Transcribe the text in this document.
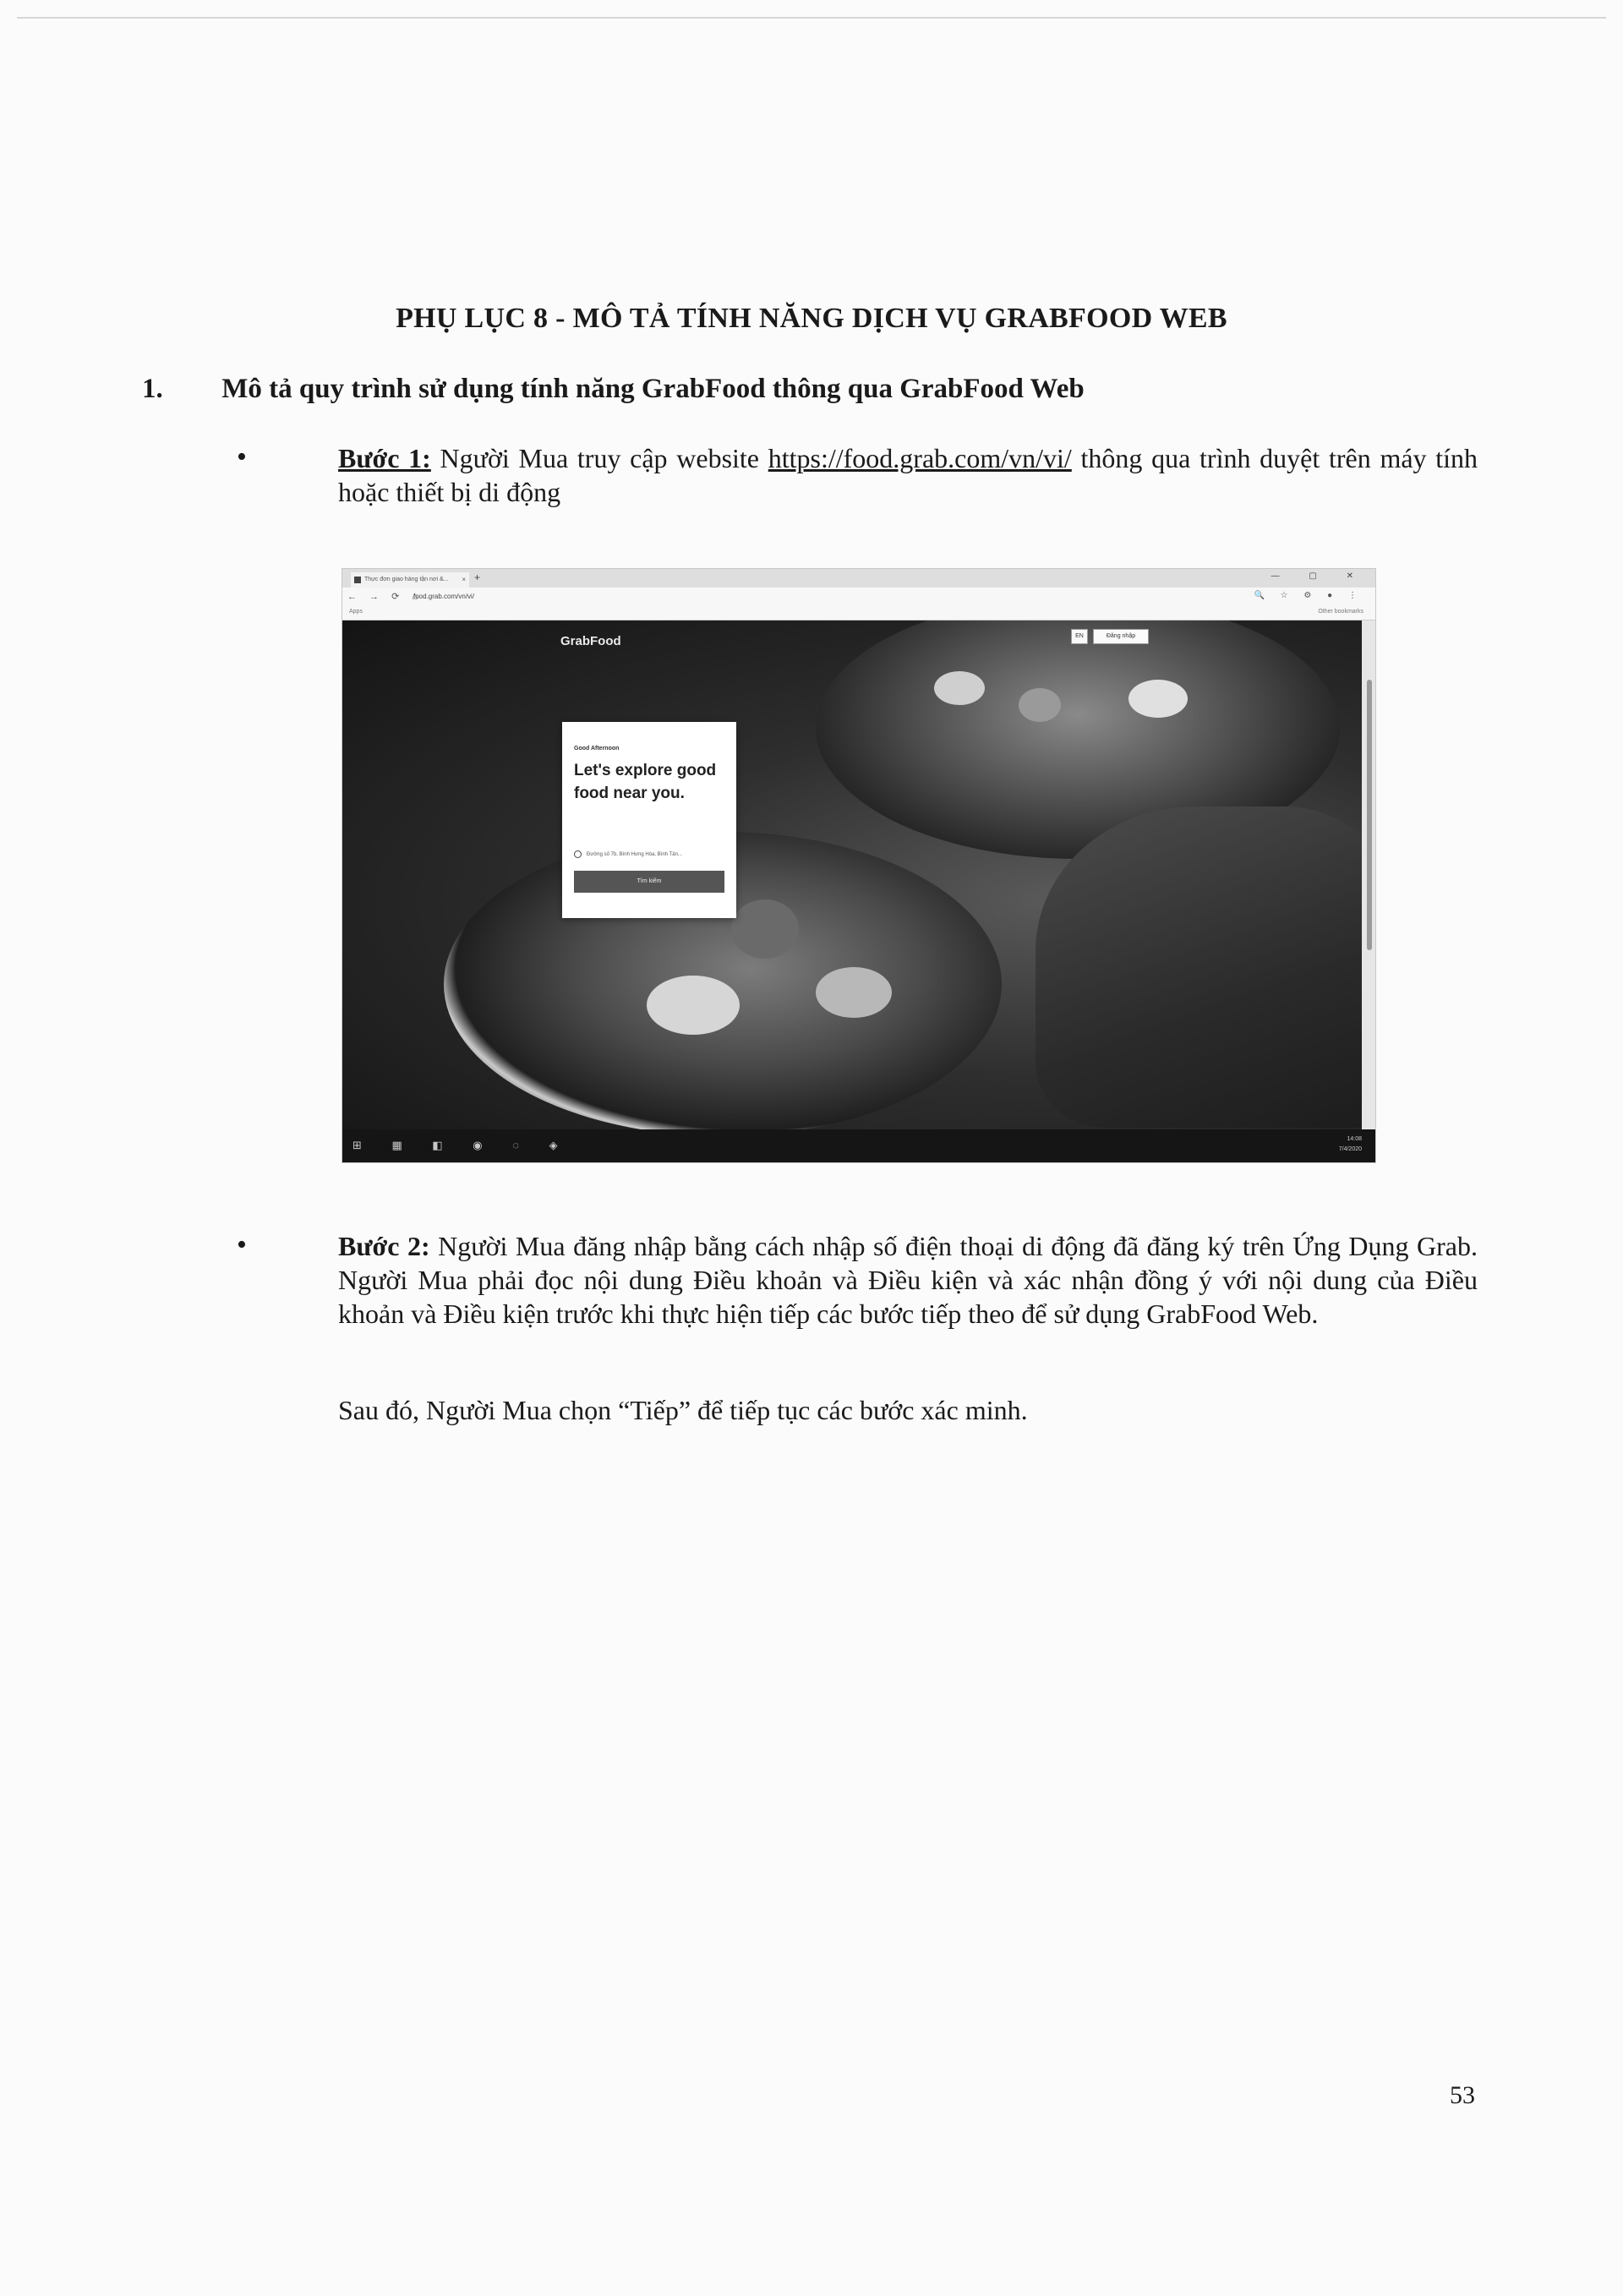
PHỤ LỤC 8 - MÔ TẢ TÍNH NĂNG DỊCH VỤ GRABFOOD WEB
1. Mô tả quy trình sử dụng tính năng GrabFood thông qua GrabFood Web
•	Bước 1: Người Mua truy cập website https://food.grab.com/vn/vi/ thông qua trình duyệt trên máy tính hoặc thiết bị di động
Thực đơn giao hàng tận nơi &... × +	— ▢ ✕
← → ⟳ ⌂
food.grab.com/vn/vi/	🔍 ☆ ⚙ ● ⋮
Apps	Other bookmarks
GrabFood	EN	Đăng nhập
Good Afternoon
Let's explore good food near you.
Đường số 7b, Bình Hưng Hòa, Bình Tân...
Tìm kiếm
⊞ ▦ ◧ ◉ ◌ ◈	14:08
7/4/2020
•	Bước 2: Người Mua đăng nhập bằng cách nhập số điện thoại di động đã đăng ký trên Ứng Dụng Grab. Người Mua phải đọc nội dung Điều khoản và Điều kiện và xác nhận đồng ý với nội dung của Điều khoản và Điều kiện trước khi thực hiện tiếp các bước tiếp theo để sử dụng GrabFood Web.
Sau đó, Người Mua chọn “Tiếp” để tiếp tục các bước xác minh.
53
